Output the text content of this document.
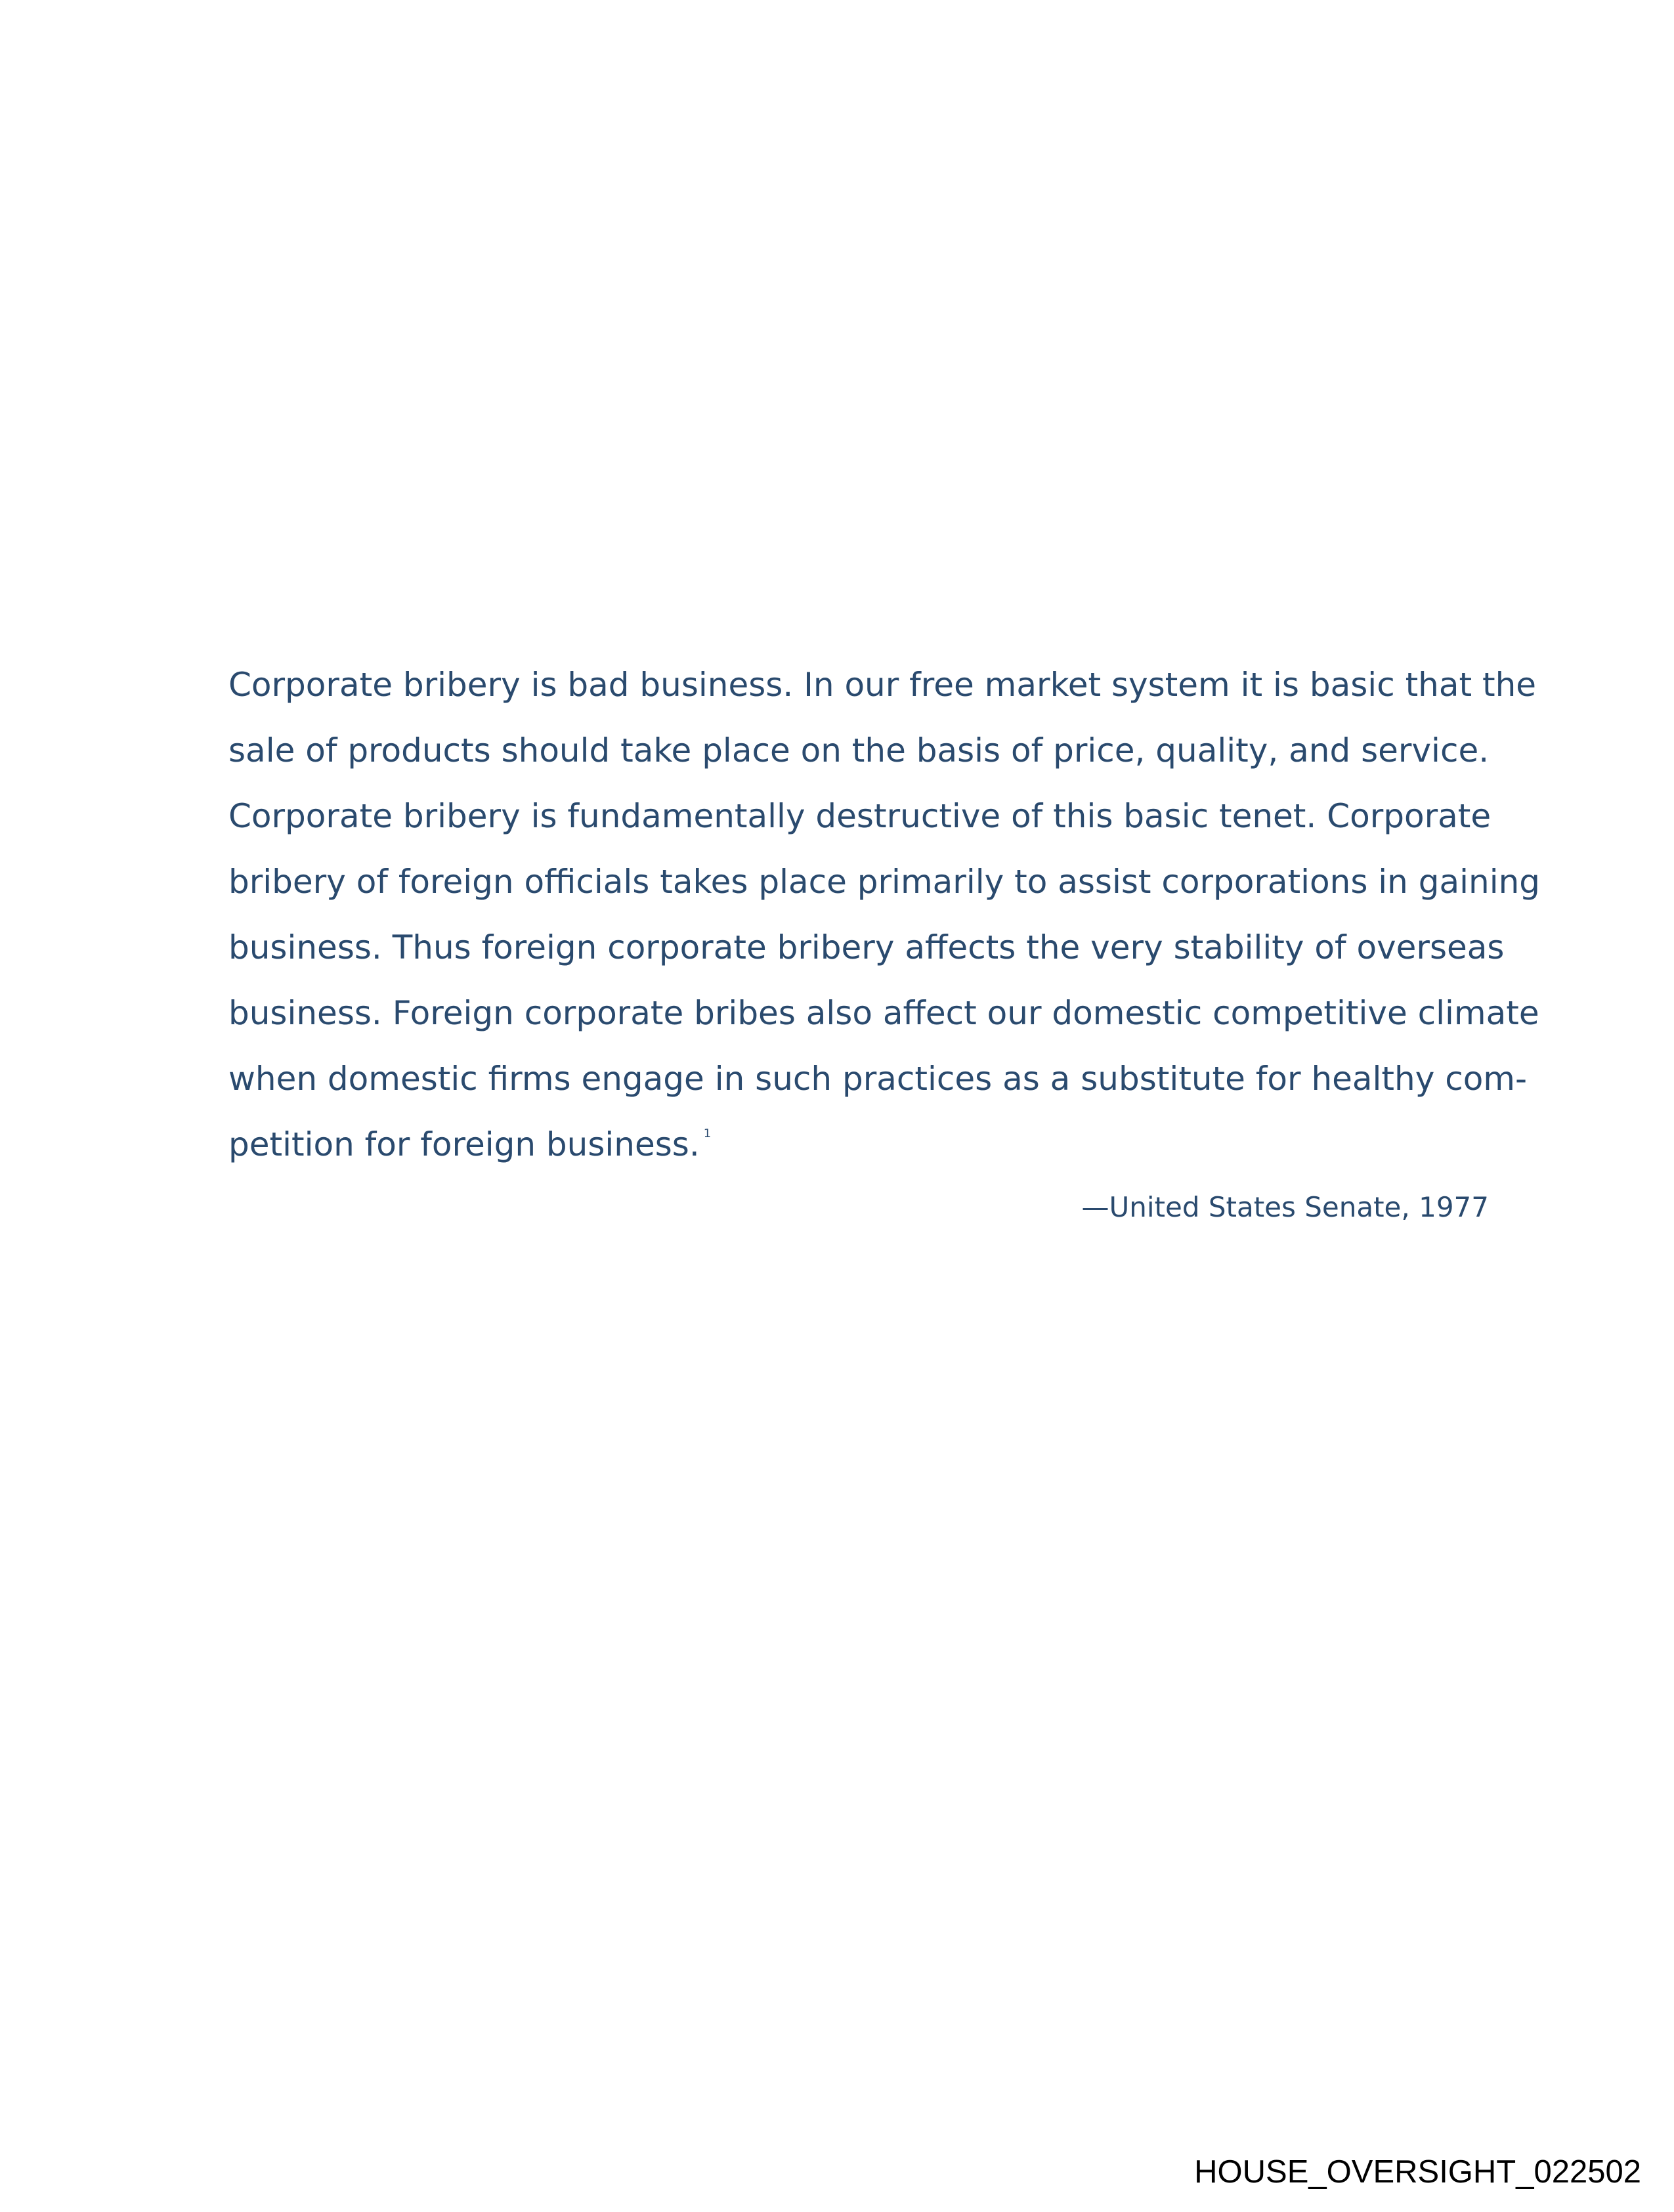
Corporate bribery is bad business. In our free market system it is basic that the
sale of products should take place on the basis of price, quality, and service.
Corporate bribery is fundamentally destructive of this basic tenet. Corporate
bribery of foreign officials takes place primarily to assist corporations in gaining
business. Thus foreign corporate bribery affects the very stability of overseas
business. Foreign corporate bribes also affect our domestic competitive climate
when domestic firms engage in such practices as a substitute for healthy com-
petition for foreign business. $^1$
—United States Senate, 1977
HOUSE_OVERSIGHT_022502
